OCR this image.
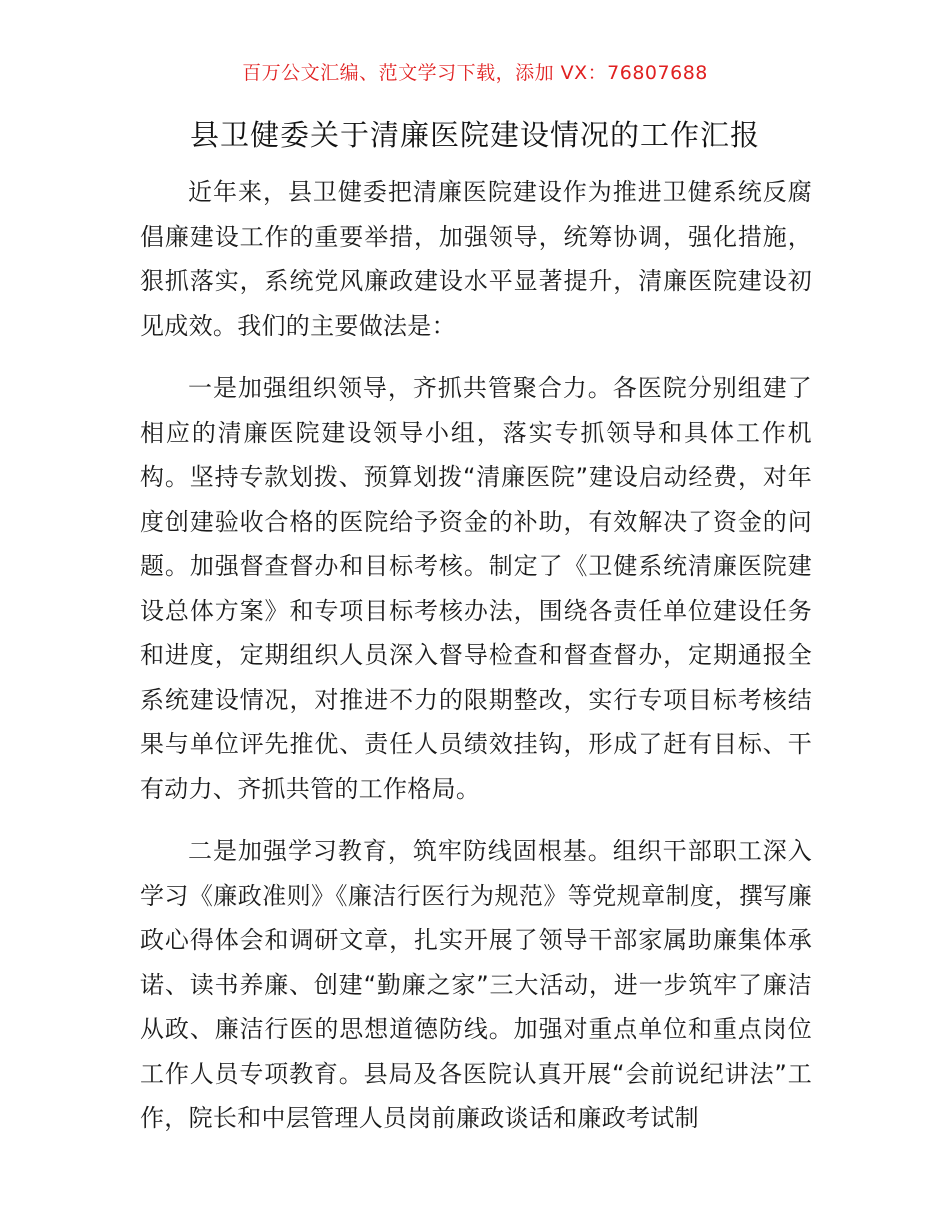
百万公文汇编、范文学习下载，添加 VX：76807688
县卫健委关于清廉医院建设情况的工作汇报

近年来，县卫健委把清廉医院建设作为推进卫健系统反腐倡廉建设工作的重要举措，加强领导，统筹协调，强化措施，狠抓落实，系统党风廉政建设水平显著提升，清廉医院建设初见成效。我们的主要做法是：

一是加强组织领导，齐抓共管聚合力。各医院分别组建了相应的清廉医院建设领导小组，落实专抓领导和具体工作机构。坚持专款划拨、预算划拨“清廉医院”建设启动经费，对年度创建验收合格的医院给予资金的补助，有效解决了资金的问题。加强督查督办和目标考核。制定了《卫健系统清廉医院建设总体方案》和专项目标考核办法，围绕各责任单位建设任务和进度，定期组织人员深入督导检查和督查督办，定期通报全系统建设情况，对推进不力的限期整改，实行专项目标考核结果与单位评先推优、责任人员绩效挂钩，形成了赶有目标、干有动力、齐抓共管的工作格局。

二是加强学习教育，筑牢防线固根基。组织干部职工深入学习《廉政准则》《廉洁行医行为规范》等党规章制度，撰写廉政心得体会和调研文章，扎实开展了领导干部家属助廉集体承诺、读书养廉、创建“勤廉之家”三大活动，进一步筑牢了廉洁从政、廉洁行医的思想道德防线。加强对重点单位和重点岗位工作人员专项教育。县局及各医院认真开展“会前说纪讲法”工作，院长和中层管理人员岗前廉政谈话和廉政考试制
